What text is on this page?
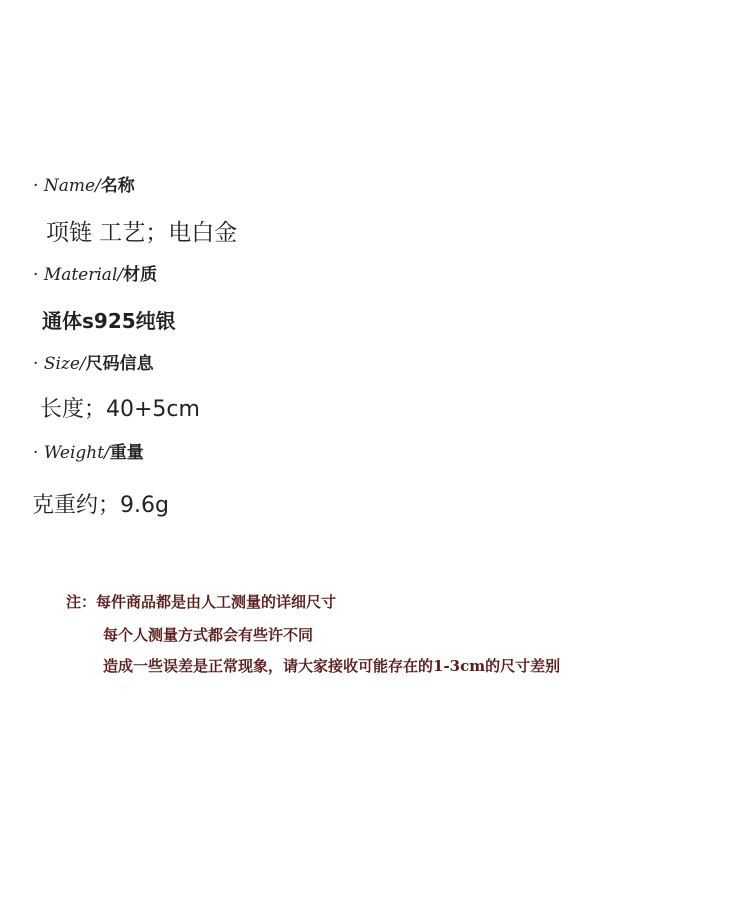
· Name/名称
项链 工艺；电白金
· Material/材质
通体s925纯银
· Size/尺码信息
长度；40+5cm
· Weight/重量
克重约；9.6g
注：每件商品都是由人工测量的详细尺寸
每个人测量方式都会有些许不同
造成一些误差是正常现象，请大家接收可能存在的1-3cm的尺寸差别
